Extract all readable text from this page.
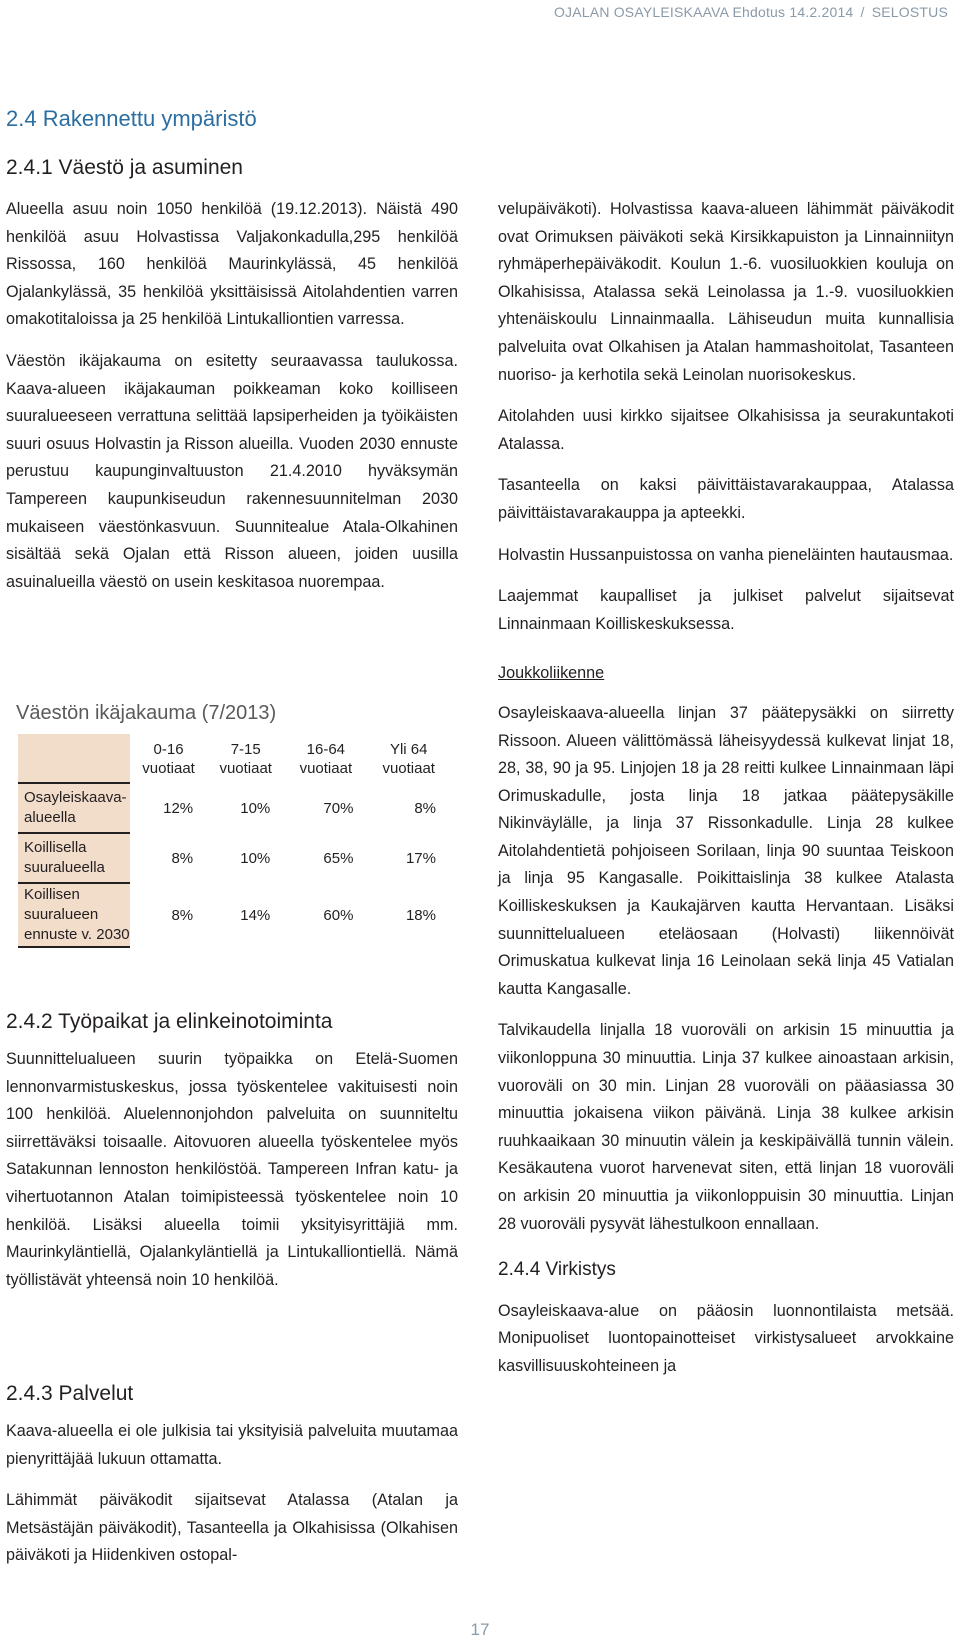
OJALAN OSAYLEISKAAVA Ehdotus 14.2.2014 / SELOSTUS
2.4 Rakennettu ympäristö
2.4.1 Väestö ja asuminen

Alueella asuu noin 1050 henkilöä (19.12.2013). Näistä 490 henkilöä asuu Holvastissa Valjakonkadulla,295 henkilöä Rissossa, 160 henkilöä Maurinkylässä, 45 henkilöä Ojalankylässä, 35 henkilöä yksittäisissä Aitolahdentien varren omakotitaloissa ja 25 henkilöä Lintukalliontien varressa.

Väestön ikäjakauma on esitetty seuraavassa taulukossa. Kaava-alueen ikäjakauman poikkeaman koko koilliseen suuralueeseen verrattuna selittää lapsiperheiden ja työikäisten suuri osuus Holvastin ja Risson alueilla. Vuoden 2030 ennuste perustuu kaupunginvaltuuston 21.4.2010 hyväksymän Tampereen kaupunkiseudun rakennesuunnitelman 2030 mukaiseen väestönkasvuun. Suunnitealue Atala-Olkahinen sisältää sekä Ojalan että Risson alueen, joiden uusilla asuinalueilla väestö on usein keskitasoa nuorempaa.

Väestön ikäjakauma (7/2013)
	0-16 vuotiaat	7-15 vuotiaat	16-64 vuotiaat	Yli 64 vuotiaat
Osayleiskaava-alueella	12%	10%	70%	8%
Koillisella suuralueella	8%	10%	65%	17%
Koillisen suuralueen ennuste v. 2030	8%	14%	60%	18%
2.4.2 Työpaikat ja elinkeinotoiminta

Suunnittelualueen suurin työpaikka on Etelä-Suomen lennonvarmistuskeskus, jossa työskentelee vakituisesti noin 100 henkilöä. Aluelennonjohdon palveluita on suunniteltu siirrettäväksi toisaalle. Aitovuoren alueella työskentelee myös Satakunnan lennoston henkilöstöä. Tampereen Infran katu- ja vihertuotannon Atalan toimipisteessä työskentelee noin 10 henkilöä. Lisäksi alueella toimii yksityisyrittäjiä mm. Maurinkyläntiellä, Ojalankyläntiellä ja Lintukalliontiellä. Nämä työllistävät yhteensä noin 10 henkilöä.

2.4.3 Palvelut

Kaava-alueella ei ole julkisia tai yksityisiä palveluita muutamaa pienyrittäjää lukuun ottamatta.

Lähimmät päiväkodit sijaitsevat Atalassa (Atalan ja Metsästäjän päiväkodit), Tasanteella ja Olkahisissa (Olkahisen päiväkoti ja Hiidenkiven ostopal-

velupäiväkoti). Holvastissa kaava-alueen lähimmät päiväkodit ovat Orimuksen päiväkoti sekä Kirsikkapuiston ja Linnainniityn ryhmäperhepäiväkodit. Koulun 1.-6. vuosiluokkien kouluja on Olkahisissa, Atalassa sekä Leinolassa ja 1.-9. vuosiluokkien yhtenäiskoulu Linnainmaalla. Lähiseudun muita kunnallisia palveluita ovat Olkahisen ja Atalan hammashoitolat, Tasanteen nuoriso- ja kerhotila sekä Leinolan nuorisokeskus.

Aitolahden uusi kirkko sijaitsee Olkahisissa ja seurakuntakoti Atalassa.

Tasanteella on kaksi päivittäistavarakauppaa, Atalassa päivittäistavarakauppa ja apteekki.

Holvastin Hussanpuistossa on vanha pieneläinten hautausmaa.

Laajemmat kaupalliset ja julkiset palvelut sijaitsevat Linnainmaan Koilliskeskuksessa.

Joukkoliikenne

Osayleiskaava-alueella linjan 37 päätepysäkki on siirretty Rissoon. Alueen välittömässä läheisyydessä kulkevat linjat 18, 28, 38, 90 ja 95. Linjojen 18 ja 28 reitti kulkee Linnainmaan läpi Orimuskadulle, josta linja 18 jatkaa päätepysäkille Nikinväylälle, ja linja 37 Rissonkadulle. Linja 28 kulkee Aitolahdentietä pohjoiseen Sorilaan, linja 90 suuntaa Teiskoon ja linja 95 Kangasalle. Poikittaislinja 38 kulkee Atalasta Koilliskeskuksen ja Kaukajärven kautta Hervantaan. Lisäksi suunnittelualueen eteläosaan (Holvasti) liikennöivät Orimuskatua kulkevat linja 16 Leinolaan sekä linja 45 Vatialan kautta Kangasalle.

Talvikaudella linjalla 18 vuoroväli on arkisin 15 minuuttia ja viikonloppuna 30 minuuttia. Linja 37 kulkee ainoastaan arkisin, vuoroväli on 30 min. Linjan 28 vuoroväli on pääasiassa 30 minuuttia jokaisena viikon päivänä. Linja 38 kulkee arkisin ruuhkaaikaan 30 minuutin välein ja keskipäivällä tunnin välein. Kesäkautena vuorot harvenevat siten, että linjan 18 vuoroväli on arkisin 20 minuuttia ja viikonloppuisin 30 minuuttia. Linjan 28 vuoroväli pysyvät lähestulkoon ennallaan.

2.4.4 Virkistys

Osayleiskaava-alue on pääosin luonnontilaista metsää. Monipuoliset luontopainotteiset virkistysalueet arvokkaine kasvillisuuskohteineen ja

17
